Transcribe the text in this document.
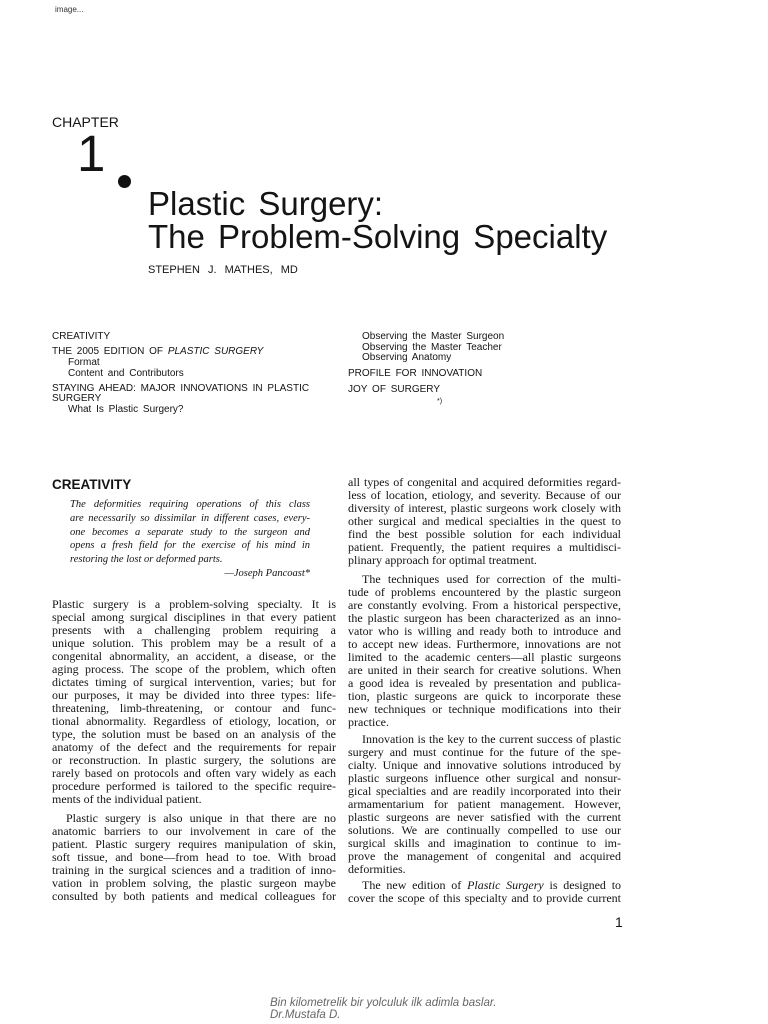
image...
CHAPTER
1
Plastic Surgery:
The Problem-Solving Specialty
STEPHEN J. MATHES, MD
CREATIVITY
THE 2005 EDITION OF PLASTIC SURGERY
Format
Content and Contributors
STAYING AHEAD: MAJOR INNOVATIONS IN PLASTIC
SURGERY
What Is Plastic Surgery?
Observing the Master Surgeon
Observing the Master Teacher
Observing Anatomy
PROFILE FOR INNOVATION
JOY OF SURGERY
*)
CREATIVITY
The deformities requiring operations of this class
are necessarily so dissimilar in different cases, every-
one becomes a separate study to the surgeon and
opens a fresh field for the exercise of his mind in
restoring the lost or deformed parts.
—Joseph Pancoast*
Plastic surgery is a problem-solving specialty. It is
special among surgical disciplines in that every patient
presents with a challenging problem requiring a
unique solution. This problem may be a result of a
congenital abnormality, an accident, a disease, or the
aging process. The scope of the problem, which often
dictates timing of surgical intervention, varies; but for
our purposes, it may be divided into three types: life-
threatening, limb-threatening, or contour and func-
tional abnormality. Regardless of etiology, location, or
type, the solution must be based on an analysis of the
anatomy of the defect and the requirements for repair
or reconstruction. In plastic surgery, the solutions are
rarely based on protocols and often vary widely as each
procedure performed is tailored to the specific require-
ments of the individual patient.
Plastic surgery is also unique in that there are no
anatomic barriers to our involvement in care of the
patient. Plastic surgery requires manipulation of skin,
soft tissue, and bone—from head to toe. With broad
training in the surgical sciences and a tradition of inno-
vation in problem solving, the plastic surgeon maybe
consulted by both patients and medical colleagues for
all types of congenital and acquired deformities regard-
less of location, etiology, and severity. Because of our
diversity of interest, plastic surgeons work closely with
other surgical and medical specialties in the quest to
find the best possible solution for each individual
patient. Frequently, the patient requires a multidisci-
plinary approach for optimal treatment.
The techniques used for correction of the multi-
tude of problems encountered by the plastic surgeon
are constantly evolving. From a historical perspective,
the plastic surgeon has been characterized as an inno-
vator who is willing and ready both to introduce and
to accept new ideas. Furthermore, innovations are not
limited to the academic centers—all plastic surgeons
are united in their search for creative solutions. When
a good idea is revealed by presentation and publica-
tion, plastic surgeons are quick to incorporate these
new techniques or technique modifications into their
practice.
Innovation is the key to the current success of plastic
surgery and must continue for the future of the spe-
cialty. Unique and innovative solutions introduced by
plastic surgeons influence other surgical and nonsur-
gical specialties and are readily incorporated into their
armamentarium for patient management. However,
plastic surgeons are never satisfied with the current
solutions. We are continually compelled to use our
surgical skills and imagination to continue to im-
prove the management of congenital and acquired
deformities.
The new edition of Plastic Surgery is designed to
cover the scope of this specialty and to provide current
1
Bin kilometrelik bir yolculuk ilk adimla baslar.
Dr.Mustafa D.
